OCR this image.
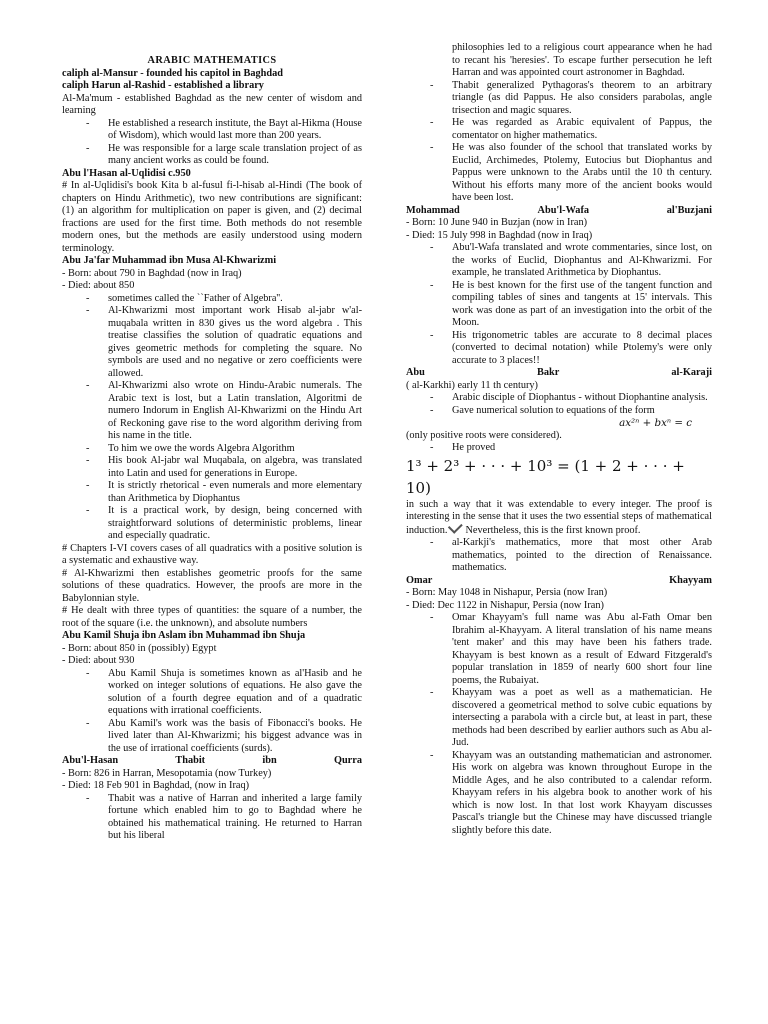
ARABIC MATHEMATICS

caliph al-Mansur - founded his capitol in Baghdad

caliph Harun al-Rashid - established a library

Al-Ma'mum - established Baghdad as the new center of wisdom and learning

- He established a research institute, the Bayt al-Hikma (House of Wisdom), which would last more than 200 years.
- He was responsible for a large scale translation project of as many ancient works as could be found.

Abu l'Hasan al-Uqlidisi c.950

# In al-Uqlidisi's book Kita b al-fusul fi-l-hisab al-Hindi (The book of chapters on Hindu Arithmetic), two new contributions are significant: (1) an algorithm for multiplication on paper is given, and (2) decimal fractions are used for the first time. Both methods do not resemble modern ones, but the methods are easily understood using modern terminology.

Abu Ja'far Muhammad ibn Musa Al-Khwarizmi

- Born: about 790 in Baghdad (now in Iraq)

- Died: about 850

- sometimes called the ``Father of Algebra''.
- Al-Khwarizmi most important work Hisab al-jabr w'al-muqabala written in 830 gives us the word algebra . This treatise classifies the solution of quadratic equations and gives geometric methods for completing the square. No symbols are used and no negative or zero coefficients were allowed.
- Al-Khwarizmi also wrote on Hindu-Arabic numerals. The Arabic text is lost, but a Latin translation, Algoritmi de numero Indorum in English Al-Khwarizmi on the Hindu Art of Reckoning gave rise to the word algorithm deriving from his name in the title.
- To him we owe the words Algebra Algorithm
- His book Al-jabr wal Muqabala, on algebra, was translated into Latin and used for generations in Europe.
- It is strictly rhetorical - even numerals and more elementary than Arithmetica by Diophantus
- It is a practical work, by design, being concerned with straightforward solutions of deterministic problems, linear and especially quadratic.

# Chapters I-VI covers cases of all quadratics with a positive solution is a systematic and exhaustive way.

# Al-Khwarizmi then establishes geometric proofs for the same solutions of these quadratics. However, the proofs are more in the Babylonnian style.

# He dealt with three types of quantities: the square of a number, the root of the square (i.e. the unknown), and absolute numbers

Abu Kamil Shuja ibn Aslam ibn Muhammad ibn Shuja

- Born: about 850 in (possibly) Egypt

- Died: about 930

- Abu Kamil Shuja is sometimes known as al'Hasib and he worked on integer solutions of equations. He also gave the solution of a fourth degree equation and of a quadratic equations with irrational coefficients.
- Abu Kamil's work was the basis of Fibonacci's books. He lived later than Al-Khwarizmi; his biggest advance was in the use of irrational coefficients (surds).
Abu'l-Hasan	Thabit	ibn	Qurra

- Born: 826 in Harran, Mesopotamia (now Turkey)

- Died: 18 Feb 901 in Baghdad, (now in Iraq)

- Thabit was a native of Harran and inherited a large family fortune which enabled him to go to Baghdad where he obtained his mathematical training. He returned to Harran but his liberal
philosophies led to a religious court appearance when he had to recant his 'heresies'. To escape further persecution he left Harran and was appointed court astronomer in Baghdad.
- Thabit generalized Pythagoras's theorem to an arbitrary triangle (as did Pappus. He also considers parabolas, angle trisection and magic squares.
- He was regarded as Arabic equivalent of Pappus, the comentator on higher mathematics.
- He was also founder of the school that translated works by Euclid, Archimedes, Ptolemy, Eutocius but Diophantus and Pappus were unknown to the Arabs until the 10 th century. Without his efforts many more of the ancient books would have been lost.
Mohammad	Abu'l-Wafa	al'Buzjani

- Born: 10 June 940 in Buzjan (now in Iran)

- Died: 15 July 998 in Baghdad (now in Iraq)

- Abu'l-Wafa translated and wrote commentaries, since lost, on the works of Euclid, Diophantus and Al-Khwarizmi. For example, he translated Arithmetica by Diophantus.
- He is best known for the first use of the tangent function and compiling tables of sines and tangents at 15' intervals. This work was done as part of an investigation into the orbit of the Moon.
- His trigonometric tables are accurate to 8 decimal places (converted to decimal notation) while Ptolemy's were only accurate to 3 places!!
Abu	Bakr	al-Karaji

( al-Karkhi) early 11 th century)

- Arabic disciple of Diophantus - without Diophantine analysis.
- Gave numerical solution to equations of the form
ax²ⁿ + bxⁿ = c

(only positive roots were considered).

- He proved
1³ + 2³ + · · · + 10³ = (1 + 2 + · · · + 10)

in such a way that it was extendable to every integer. The proof is interesting in the sense that it uses the two essential steps of mathematical induction. Nevertheless, this is the first known proof.

- al-Karkji's mathematics, more that most other Arab mathematics, pointed to the direction of Renaissance. mathematics.
Omar	Khayyam

- Born: May 1048 in Nishapur, Persia (now Iran)

- Died: Dec 1122 in Nishapur, Persia (now Iran)

- Omar Khayyam's full name was Abu al-Fath Omar ben Ibrahim al-Khayyam. A literal translation of his name means 'tent maker' and this may have been his fathers trade. Khayyam is best known as a result of Edward Fitzgerald's popular translation in 1859 of nearly 600 short four line poems, the Rubaiyat.
- Khayyam was a poet as well as a mathematician. He discovered a geometrical method to solve cubic equations by intersecting a parabola with a circle but, at least in part, these methods had been described by earlier authors such as Abu al-Jud.
- Khayyam was an outstanding mathematician and astronomer. His work on algebra was known throughout Europe in the Middle Ages, and he also contributed to a calendar reform. Khayyam refers in his algebra book to another work of his which is now lost. In that lost work Khayyam discusses Pascal's triangle but the Chinese may have discussed triangle slightly before this date.
